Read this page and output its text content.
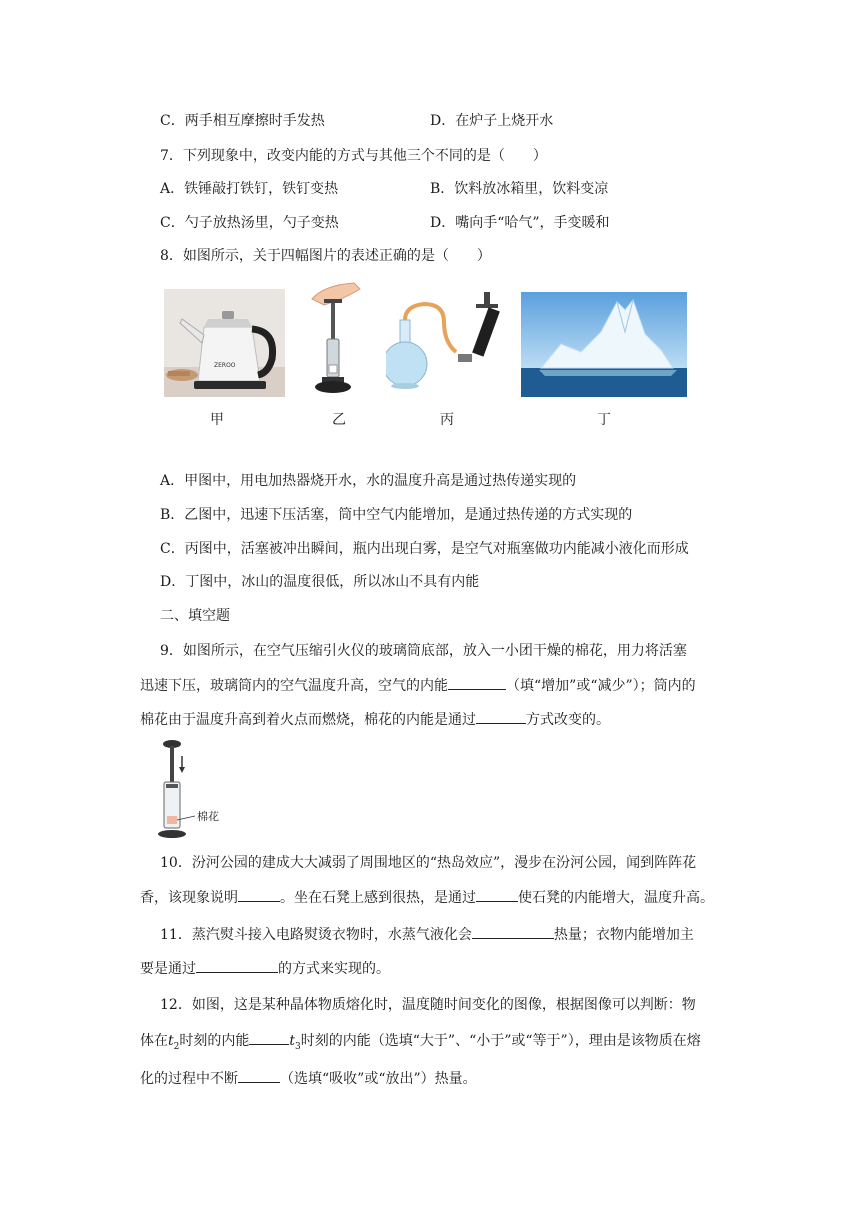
C．两手相互摩擦时手发热	D．在炉子上烧开水
7．下列现象中，改变内能的方式与其他三个不同的是（　　）
A．铁锤敲打铁钉，铁钉变热	B．饮料放冰箱里，饮料变凉
C．勺子放热汤里，勺子变热	D．嘴向手“哈气”，手变暖和
8．如图所示，关于四幅图片的表述正确的是（　　）
ZEROO
甲	乙	丙	丁
A．甲图中，用电加热器烧开水，水的温度升高是通过热传递实现的
B．乙图中，迅速下压活塞，筒中空气内能增加，是通过热传递的方式实现的
C．丙图中，活塞被冲出瞬间，瓶内出现白雾，是空气对瓶塞做功内能减小液化而形成
D．丁图中，冰山的温度很低，所以冰山不具有内能
二、填空题
9．如图所示，在空气压缩引火仪的玻璃筒底部，放入一小团干燥的棉花，用力将活塞
迅速下压，玻璃筒内的空气温度升高，空气的内能	（填“增加”或“减少”）；筒内的
棉花由于温度升高到着火点而燃烧，棉花的内能是通过	方式改变的。
棉花
10．汾河公园的建成大大减弱了周围地区的“热岛效应”，漫步在汾河公园，闻到阵阵花
香，该现象说明	。坐在石凳上感到很热，是通过	使石凳的内能增大，温度升高。
11．蒸汽熨斗接入电路熨烫衣物时，水蒸气液化会	热量；衣物内能增加主
要是通过	的方式来实现的。
12．如图，这是某种晶体物质熔化时，温度随时间变化的图像，根据图像可以判断：物
体在$t_2$时刻的内能	$t_3$时刻的内能（选填“大于”、“小于”或“等于”），理由是该物质在熔
化的过程中不断	（选填“吸收”或“放出”）热量。
